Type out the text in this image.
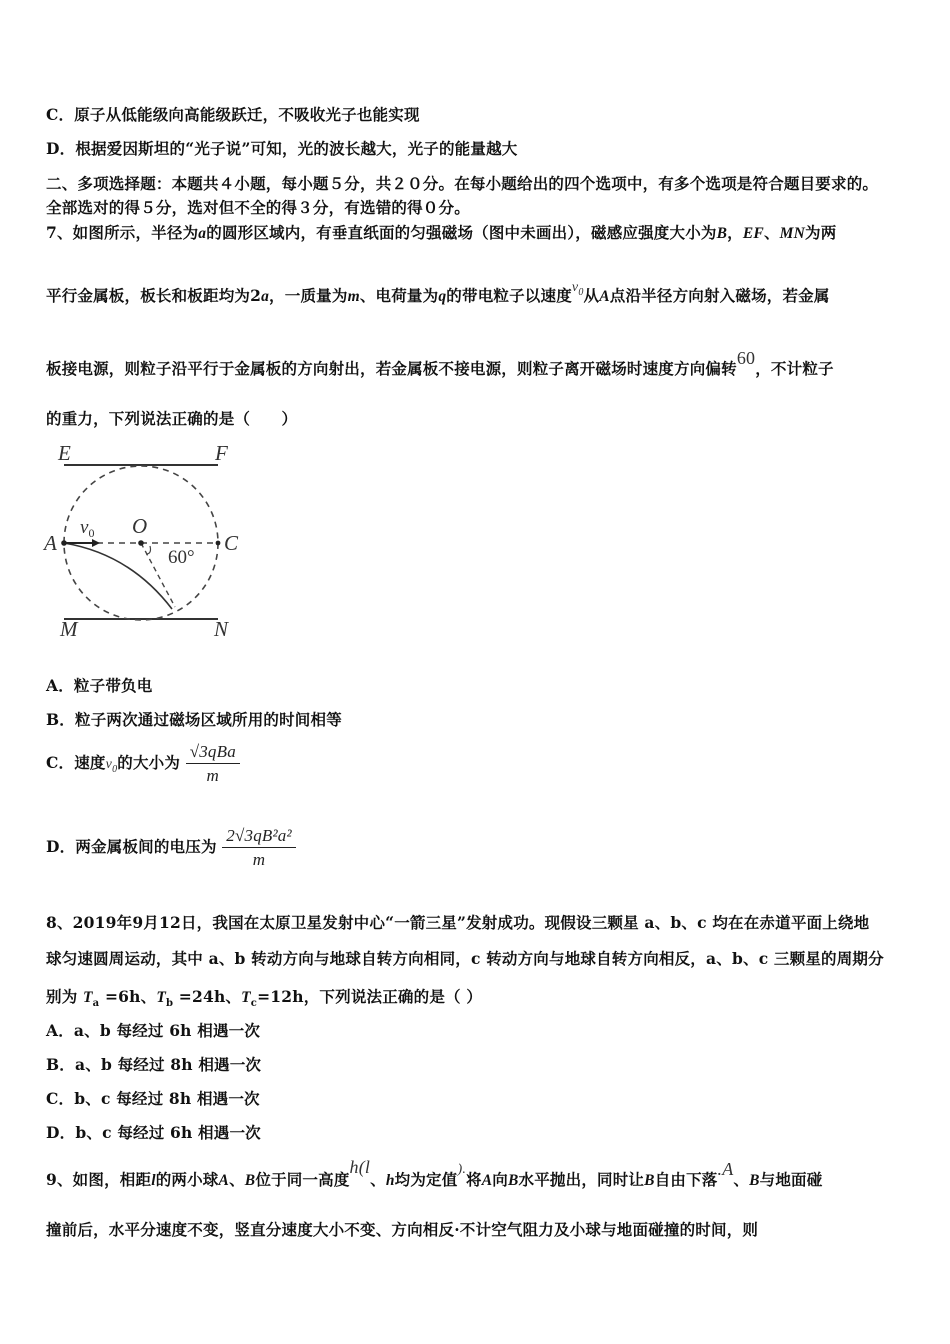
C．原子从低能级向高能级跃迁，不吸收光子也能实现
D．根据爱因斯坦的“光子说”可知，光的波长越大，光子的能量越大
二、多项选择题：本题共４小题，每小题５分，共２０分。在每小题给出的四个选项中，有多个选项是符合题目要求的。
全部选对的得５分，选对但不全的得３分，有选错的得０分。
7、如图所示，半径为a的圆形区域内，有垂直纸面的匀强磁场（图中未画出），磁感应强度大小为B，EF、MN为两
平行金属板，板长和板距均为2a，一质量为m、电荷量为q的带电粒子以速度$v_0$从A点沿半径方向射入磁场，若金属
板接电源，则粒子沿平行于金属板的方向射出，若金属板不接电源，则粒子离开磁场时速度方向偏转60，不计粒子
的重力，下列说法正确的是（　　）
E	F
A
O
C
M	N
$v_0$
60°
A．粒子带负电
B．粒子两次通过磁场区域所用的时间相等
C．速度$v_0$的大小为 $\frac{\text{√3qBa}}{m}$
D．两金属板间的电压为 $\frac{\text{2√3qB²a²}}{m}$
8、2019年9月12日，我国在太原卫星发射中心“一箭三星”发射成功。现假设三颗星 a、b、c 均在在赤道平面上绕地
球匀速圆周运动，其中 a、b 转动方向与地球自转方向相同，c 转动方向与地球自转方向相反，a、b、c 三颗星的周期分
别为 $T_a =6h$、$T_b =24h$、$T_c=12h$，下列说法正确的是（ ）
A．a、b 每经过 6h 相遇一次
B．a、b 每经过 8h 相遇一次
C．b、c 每经过 8h 相遇一次
D．b、c 每经过 6h 相遇一次
9、如图，相距l的两小球A、B位于同一高度h(l、h均为定值).将A向B水平抛出，同时让B自由下落.A、B与地面碰
撞前后，水平分速度不变，竖直分速度大小不变、方向相反·不计空气阻力及小球与地面碰撞的时间，则
